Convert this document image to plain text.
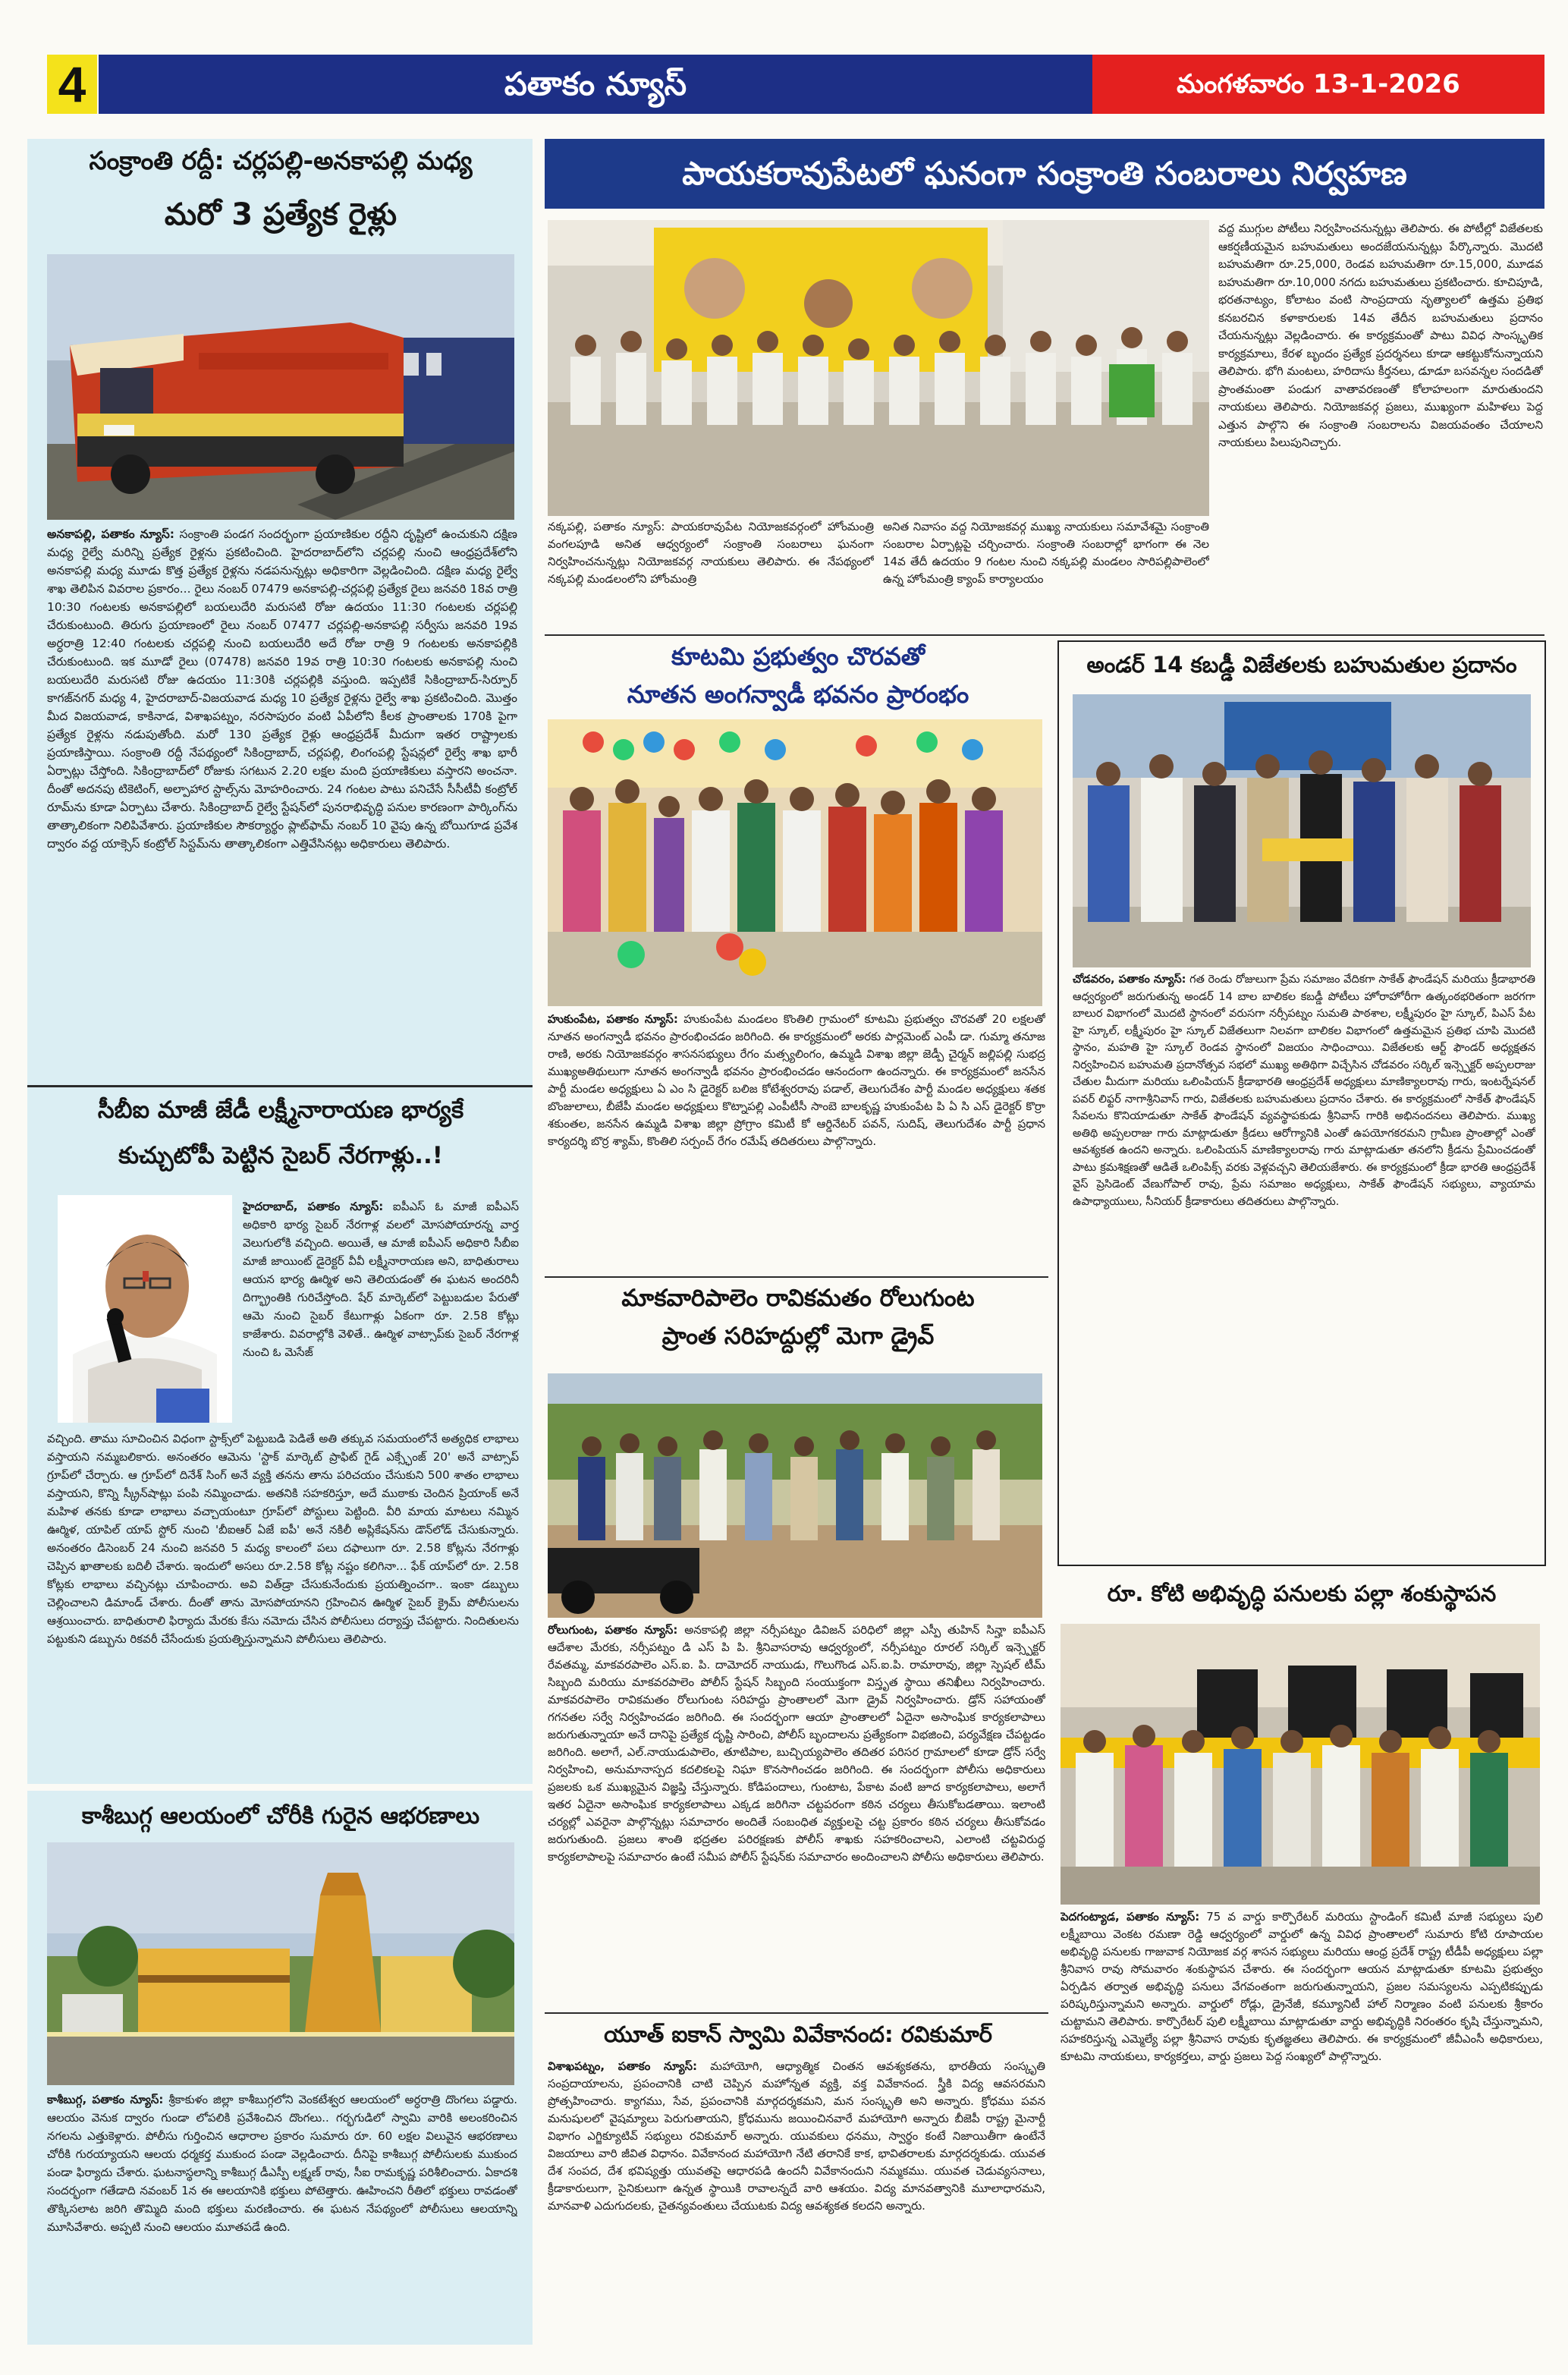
4	పతాకం న్యూస్	మంగళవారం 13-1-2026
సంక్రాంతి రద్దీ: చర్లపల్లి-అనకాపల్లి మధ్య
మరో 3 ప్రత్యేక రైళ్లు

అనకాపల్లి, పతాకం న్యూస్: సంక్రాంతి పండగ సందర్భంగా ప్రయాణికుల రద్దీని దృష్టిలో ఉంచుకుని దక్షిణ మధ్య రైల్వే మరిన్ని ప్రత్యేక రైళ్లను ప్రకటించింది. హైదరాబాద్‌లోని చర్లపల్లి నుంచి ఆంధ్రప్రదేశ్‌లోని అనకాపల్లి మధ్య మూడు కొత్త ప్రత్యేక రైళ్లను నడపనున్నట్లు అధికారిగా వెల్లడించింది. దక్షిణ మధ్య రైల్వే శాఖ తెలిపిన వివరాల ప్రకారం... రైలు నంబర్ 07479 అనకాపల్లి-చర్లపల్లి ప్రత్యేక రైలు జనవరి 18వ రాత్రి 10:30 గంటలకు అనకాపల్లిలో బయలుదేరి మరుసటి రోజు ఉదయం 11:30 గంటలకు చర్లపల్లి చేరుకుంటుంది. తిరుగు ప్రయాణంలో రైలు నంబర్ 07477 చర్లపల్లి-అనకాపల్లి సర్వీసు జనవరి 19వ అర్ధరాత్రి 12:40 గంటలకు చర్లపల్లి నుంచి బయలుదేరి అదే రోజు రాత్రి 9 గంటలకు అనకాపల్లికి చేరుకుంటుంది. ఇక మూడో రైలు (07478) జనవరి 19వ రాత్రి 10:30 గంటలకు అనకాపల్లి నుంచి బయలుదేరి మరుసటి రోజు ఉదయం 11:30కి చర్లపల్లికి వస్తుంది. ఇప్పటికే సికింద్రాబాద్-సిర్పూర్ కాగజ్‌నగర్ మధ్య 4, హైదరాబాద్-విజయవాడ మధ్య 10 ప్రత్యేక రైళ్లను రైల్వే శాఖ ప్రకటించింది. మొత్తం మీద విజయవాడ, కాకినాడ, విశాఖపట్నం, నరసాపురం వంటి ఏపీలోని కీలక ప్రాంతాలకు 170కి పైగా ప్రత్యేక రైళ్లను నడుపుతోంది. మరో 130 ప్రత్యేక రైళ్లు ఆంధ్రప్రదేశ్ మీదుగా ఇతర రాష్ట్రాలకు ప్రయాణిస్తాయి. సంక్రాంతి రద్దీ నేపథ్యంలో సికింద్రాబాద్, చర్లపల్లి, లింగంపల్లి స్టేషన్లలో రైల్వే శాఖ భారీ ఏర్పాట్లు చేస్తోంది. సికింద్రాబాద్‌లో రోజుకు సగటున 2.20 లక్షల మంది ప్రయాణికులు వస్తారని అంచనా. దీంతో అదనపు టికెటింగ్, అల్పాహార స్టాల్స్‌ను మోహరించారు. 24 గంటల పాటు పనిచేసే సీసీటీవీ కంట్రోల్ రూమ్‌ను కూడా ఏర్పాటు చేశారు. సికింద్రాబాద్ రైల్వే స్టేషన్‌లో పునరాభివృద్ధి పనుల కారణంగా పార్కింగ్‌ను తాత్కాలికంగా నిలిపివేశారు. ప్రయాణికుల సౌకర్యార్థం ప్లాట్‌ఫామ్ నంబర్ 10 వైపు ఉన్న బోయిగూడ ప్రవేశ ద్వారం వద్ద యాక్సెస్ కంట్రోల్ సిస్టమ్‌ను తాత్కాలికంగా ఎత్తివేసినట్లు అధికారులు తెలిపారు.

సీబీఐ మాజీ జేడీ లక్ష్మీనారాయణ భార్యకే
కుచ్చుటోపీ పెట్టిన సైబర్ నేరగాళ్లు..!

హైదరాబాద్, పతాకం న్యూస్: ఐపీఎస్ ఓ మాజీ ఐపీఎస్ అధికారి భార్య సైబర్ నేరగాళ్ల వలలో మోసపోయారన్న వార్త వెలుగులోకి వచ్చింది. అయితే, ఆ మాజీ ఐపీఎస్ అధికారి సీబీఐ మాజీ జాయింట్ డైరెక్టర్ వీవీ లక్ష్మీనారాయణ అని, బాధితురాలు ఆయన భార్య ఊర్మిళ అని తెలియడంతో ఈ ఘటన అందరినీ దిగ్భ్రాంతికి గురిచేస్తోంది. షేర్ మార్కెట్‌లో పెట్టుబడుల పేరుతో ఆమె నుంచి సైబర్ కేటుగాళ్లు ఏకంగా రూ. 2.58 కోట్లు కాజేశారు. వివరాల్లోకి వెళితే.. ఊర్మిళ వాట్సాప్‌కు సైబర్ నేరగాళ్ల నుంచి ఓ మెసేజ్

వచ్చింది. తాము సూచించిన విధంగా స్టాక్స్‌లో పెట్టుబడి పెడితే అతి తక్కువ సమయంలోనే అత్యధిక లాభాలు వస్తాయని నమ్మబలికారు. అనంతరం ఆమెను 'స్టాక్ మార్కెట్ ప్రాఫిట్ గైడ్ ఎక్స్ఛేంజ్ 20' అనే వాట్సాప్ గ్రూప్‌లో చేర్చారు. ఆ గ్రూప్‌లో దినేశ్ సింగ్ అనే వ్యక్తి తనను తాను పరిచయం చేసుకుని 500 శాతం లాభాలు వస్తాయని, కొన్ని స్క్రీన్‌షాట్లు పంపి నమ్మించాడు. అతనికి సహకరిస్తూ, అదే ముఠాకు చెందిన ప్రియాంక్ అనే మహిళ తనకు కూడా లాభాలు వచ్చాయంటూ గ్రూప్‌లో పోస్టులు పెట్టింది. వీరి మాయ మాటలు నమ్మిన ఊర్మిళ, యాపిల్ యాప్ స్టోర్ నుంచి 'బీఐఆర్ ఏజే ఐపీ' అనే నకిలీ అప్లికేషన్‌ను డౌన్‌లోడ్ చేసుకున్నారు. అనంతరం డిసెంబర్ 24 నుంచి జనవరి 5 మధ్య కాలంలో పలు దఫాలుగా రూ. 2.58 కోట్లను నేరగాళ్లు చెప్పిన ఖాతాలకు బదిలీ చేశారు. ఇందులో అసలు రూ.2.58 కోట్ల నష్టం కలిగినా... ఫేక్ యాప్‌లో రూ. 2.58 కోట్లకు లాభాలు వచ్చినట్లు చూపించారు. అవి విత్‌డ్రా చేసుకునేందుకు ప్రయత్నించగా.. ఇంకా డబ్బులు చెల్లించాలని డిమాండ్ చేశారు. దీంతో తాను మోసపోయానని గ్రహించిన ఊర్మిళ సైబర్ క్రైమ్ పోలీసులను ఆశ్రయించారు. బాధితురాలి ఫిర్యాదు మేరకు కేసు నమోదు చేసిన పోలీసులు దర్యాప్తు చేపట్టారు. నిందితులను పట్టుకుని డబ్బును రికవరీ చేసేందుకు ప్రయత్నిస్తున్నామని పోలీసులు తెలిపారు.
కాశీబుగ్గ ఆలయంలో చోరీకి గురైన ఆభరణాలు

కాశీబుగ్గ, పతాకం న్యూస్: శ్రీకాకుళం జిల్లా కాశీబుగ్గలోని వెంకటేశ్వర ఆలయంలో అర్ధరాత్రి దొంగలు పడ్డారు. ఆలయం వెనుక ద్వారం గుండా లోపలికి ప్రవేశించిన దొంగలు.. గర్భగుడిలో స్వామి వారికి అలంకరించిన నగలను ఎత్తుకెళ్లారు. పోలీసు గుర్తించిన ఆధారాల ప్రకారం సుమారు రూ. 60 లక్షల విలువైన ఆభరణాలు చోరీకి గురయ్యాయని ఆలయ ధర్మకర్త ముకుంద పండా వెల్లడించారు. దీనిపై కాశీబుగ్గ పోలీసులకు ముకుంద పండా ఫిర్యాదు చేశారు. ఘటనాస్థలాన్ని కాశీబుగ్గ డీఎస్పీ లక్ష్మణ్ రావు, సీఐ రామకృష్ణ పరిశీలించారు. ఏకాదశి సందర్భంగా గతేడాది నవంబర్ 1న ఈ ఆలయానికి భక్తులు పోటెత్తారు. ఊహించని రీతిలో భక్తులు రావడంతో తొక్కిసలాట జరిగి తొమ్మిది మంది భక్తులు మరణించారు. ఈ ఘటన నేపథ్యంలో పోలీసులు ఆలయాన్ని మూసివేశారు. అప్పటి నుంచి ఆలయం మూతపడే ఉంది.

పాయకరావుపేటలో ఘనంగా సంక్రాంతి సంబరాలు నిర్వహణ
నక్కపల్లి, పతాకం న్యూస్: పాయకరావుపేట నియోజకవర్గంలో హోంమంత్రి వంగలపూడి అనిత ఆధ్వర్యంలో సంక్రాంతి సంబరాలు ఘనంగా నిర్వహించనున్నట్లు నియోజకవర్గ నాయకులు తెలిపారు. ఈ నేపథ్యంలో నక్కపల్లి మండలంలోని హోంమంత్రి
అనిత నివాసం వద్ద నియోజకవర్గ ముఖ్య నాయకులు సమావేశమై సంక్రాంతి సంబరాల ఏర్పాట్లపై చర్చించారు. సంక్రాంతి సంబరాల్లో భాగంగా ఈ నెల 14వ తేదీ ఉదయం 9 గంటల నుంచి నక్కపల్లి మండలం సారిపల్లిపాలెంలో ఉన్న హోంమంత్రి క్యాంప్ కార్యాలయం
వద్ద ముగ్గుల పోటీలు నిర్వహించనున్నట్లు తెలిపారు. ఈ పోటీల్లో విజేతలకు ఆకర్షణీయమైన బహుమతులు అందజేయనున్నట్లు పేర్కొన్నారు. మొదటి బహుమతిగా రూ.25,000, రెండవ బహుమతిగా రూ.15,000, మూడవ బహుమతిగా రూ.10,000 నగదు బహుమతులు ప్రకటించారు. కూచిపూడి, భరతనాట్యం, కోలాటం వంటి సాంప్రదాయ నృత్యాలలో ఉత్తమ ప్రతిభ కనబరచిన కళాకారులకు 14వ తేదీన బహుమతులు ప్రదానం చేయనున్నట్లు వెల్లడించారు. ఈ కార్యక్రమంతో పాటు వివిధ సాంస్కృతిక కార్యక్రమాలు, కేరళ బృందం ప్రత్యేక ప్రదర్శనలు కూడా ఆకట్టుకోనున్నాయని తెలిపారు. భోగి మంటలు, హరిదాసు కీర్తనలు, డూడూ బసవన్నల సందడితో ప్రాంతమంతా పండుగ వాతావరణంతో కోలాహలంగా మారుతుందని నాయకులు తెలిపారు. నియోజకవర్గ ప్రజలు, ముఖ్యంగా మహిళలు పెద్ద ఎత్తున పాల్గొని ఈ సంక్రాంతి సంబరాలను విజయవంతం చేయాలని నాయకులు పిలుపునిచ్చారు.
కూటమి ప్రభుత్వం చొరవతో
నూతన అంగన్వాడీ భవనం ప్రారంభం

హుకుంపేట, పతాకం న్యూస్: హుకుంపేట మండలం కొంతిలి గ్రామంలో కూటమి ప్రభుత్వం చొరవతో 20 లక్షలతో నూతన అంగన్వాడీ భవనం ప్రారంభించడం జరిగింది. ఈ కార్యక్రమంలో అరకు పార్లమెంట్ ఎంపీ డా. గుమ్మా తనూజ రాణి, అరకు నియోజకవర్గం శాసనసభ్యులు రేగం మత్స్యలింగం, ఉమ్మడి విశాఖ జిల్లా జెడ్పీ చైర్మన్ జల్లిపల్లి సుభద్ర ముఖ్యఅతిథులుగా నూతన అంగన్వాడీ భవనం ప్రారంభించడం ఆనందంగా ఉందన్నారు. ఈ కార్యక్రమంలో జనసేన పార్టీ మండల అధ్యక్షులు ఏ ఎం సి డైరెక్టర్ బలిజ కోటేశ్వరరావు పడాల్, తెలుగుదేశం పార్టీ మండల అధ్యక్షులు శతక బొంజులాలు, బీజేపీ మండల అధ్యక్షులు కొట్నాపల్లి ఎంపీటీసీ సాంబె బాలకృష్ణ హుకుంపేట పి ఏ సి ఎస్ డైరెక్టర్ కొర్రా శకుంతల, జనసేన ఉమ్మడి విశాఖ జిల్లా ప్రోగ్రాం కమిటీ కో ఆర్డినేటర్ పవన్, సుదిష్, తెలుగుదేశం పార్టీ ప్రధాన కార్యదర్శి బొర్ర శ్యామ్, కొంతిలి సర్పంచ్ రేగం రమేష్ తదితరులు పాల్గొన్నారు.

మాకవారిపాలెం రావికమతం రోలుగుంట
ప్రాంత సరిహద్దుల్లో మెగా డ్రైవ్

రోలుగుంట, పతాకం న్యూస్: అనకాపల్లి జిల్లా నర్సీపట్నం డివిజన్ పరిధిలో జిల్లా ఎస్పీ తుహిన్ సిన్హా ఐపీఎస్ ఆదేశాల మేరకు, నర్సీపట్నం డి ఎస్ పి పి. శ్రీనివాసరావు ఆధ్వర్యంలో, నర్సీపట్నం రూరల్ సర్కిల్ ఇన్స్పెక్టర్ రేవతమ్మ, మాకవరపాలెం ఎస్.ఐ. పి. దామోదర్ నాయుడు, గొలుగొండ ఎస్.ఐ.పి. రామారావు, జిల్లా స్పెషల్ టీమ్ సిబ్బంది మరియు మాకవరపాలెం పోలీస్ స్టేషన్ సిబ్బంది సంయుక్తంగా విస్తృత స్థాయి తనిఖీలు నిర్వహించారు. మాకవరపాలెం రావికమతం రోలుగుంట సరిహద్దు ప్రాంతాలలో మెగా డ్రైవ్ నిర్వహించారు. డ్రోన్ సహాయంతో గగనతల సర్వే నిర్వహించడం జరిగింది. ఈ సందర్భంగా ఆయా ప్రాంతాలలో ఏదైనా అసాంఘిక కార్యకలాపాలు జరుగుతున్నాయా అనే దానిపై ప్రత్యేక దృష్టి సారించి, పోలీస్ బృందాలను ప్రత్యేకంగా విభజించి, పర్యవేక్షణ చేపట్టడం జరిగింది. అలాగే, ఎల్.నాయుడుపాలెం, తూటిపాల, బుచ్చియ్యపాలెం తదితర పరిసర గ్రామాలలో కూడా డ్రోన్ సర్వే నిర్వహించి, అనుమానాస్పద కదలికలపై నిఘా కొనసాగించడం జరిగింది. ఈ సందర్భంగా పోలీసు అధికారులు ప్రజలకు ఒక ముఖ్యమైన విజ్ఞప్తి చేస్తున్నారు. కోడిపందాలు, గుంటాట, పేకాట వంటి జూద కార్యకలాపాలు, అలాగే ఇతర ఏదైనా అసాంఘిక కార్యకలాపాలు ఎక్కడ జరిగినా చట్టపరంగా కఠిన చర్యలు తీసుకోబడతాయి. ఇలాంటి చర్యల్లో ఎవరైనా పాల్గొన్నట్లు సమాచారం అందితే సంబంధిత వ్యక్తులపై చట్ట ప్రకారం కఠిన చర్యలు తీసుకోవడం జరుగుతుంది. ప్రజలు శాంతి భద్రతల పరిరక్షణకు పోలీస్ శాఖకు సహకరించాలని, ఎలాంటి చట్టవిరుద్ధ కార్యకలాపాలపై సమాచారం ఉంటే సమీప పోలీస్ స్టేషన్‌కు సమాచారం అందించాలని పోలీసు అధికారులు తెలిపారు.

యూత్ ఐకాన్ స్వామి వివేకానంద: రవికుమార్

విశాఖపట్నం, పతాకం న్యూస్: మహాయోగి, ఆధ్యాత్మిక చింతన ఆవశ్యకతను, భారతీయ సంస్కృతి సంప్రదాయాలను, ప్రపంచానికి చాటి చెప్పిన మహోన్నత వ్యక్తి, వక్త వివేకానంద. స్త్రీకి విద్య ఆవసరమని ప్రోత్సహించారు. క్యాగము, సేవ, ప్రపంచానికి మార్గదర్శకమని, మన సంస్కృతి అని అన్నారు. క్రోధము పవన మనుషులలో వైషమ్యాలు పెరుగుతాయని, క్రోధమును జయించినవారే మహాయోగి అన్నారు బీజెపీ రాష్ట్ర మైనార్టీ విభాగం ఎగ్జిక్యూటివ్ సభ్యులు రవికుమార్ అన్నారు. యువకులు ధనము, స్వార్థం కంటే నిజాయితీగా ఉంటేనే విజయాలు వారి జీవిత విధానం. వివేకానంద మహాయోగి నేటి తరానికే కాక, భావితరాలకు మార్గదర్శకుడు. యువత దేశ సంపద, దేశ భవిష్యత్తు యువతపై ఆధారపడి ఉందనీ వివేకానందుని నమ్మకము. యువత చెడువ్యసనాలు, క్రీడాకారులుగా, సైనికులుగా ఉన్నత స్థాయికి రావాలన్నదే వారి ఆశయం. విద్య మానవత్వానికి మూలాధారమని, మానవాళి ఎదుగుదలకు, చైతన్యవంతులు చేయుటకు విద్య ఆవశ్యకత కలదని అన్నారు.

అండర్ 14 కబడ్డీ విజేతలకు బహుమతుల ప్రదానం

చోడవరం, పతాకం న్యూస్: గత రెండు రోజులుగా ప్రేమ సమాజం వేదికగా సాకేత్ ఫౌండేషన్ మరియు క్రీడాభారతి ఆధ్వర్యంలో జరుగుతున్న అండర్ 14 బాల బాలికల కబడ్డీ పోటీలు హోరాహోరీగా ఉత్కంఠభరితంగా జరగగా బాలుర విభాగంలో మొదటి స్థానంలో వరుసగా నర్సీపట్నం సుమతి పాఠశాల, లక్ష్మీపురం హై స్కూల్, పిఎస్ పేట హై స్కూల్, లక్ష్మీపురం హై స్కూల్ విజేతలుగా నిలవగా బాలికల విభాగంలో ఉత్తమమైన ప్రతిభ చూపి మొదటి స్థానం, మహతి హై స్కూల్ రెండవ స్థానంలో విజయం సాధించాయి. విజేతలకు ఆర్ట్ ఫౌండర్ అధ్యక్షతన నిర్వహించిన బహుమతి ప్రదానోత్సవ సభలో ముఖ్య అతిథిగా విచ్చేసిన చోడవరం సర్కిల్ ఇన్స్పెక్టర్ అప్పలరాజు చేతుల మీదుగా మరియు ఒలింపియన్ క్రీడాభారతి ఆంధ్రప్రదేశ్ అధ్యక్షులు మాణిక్యాలరావు గారు, ఇంటర్నేషనల్ పవర్ లిఫ్టర్ నాగాశ్రీనివాస్ గారు, విజేతలకు బహుమతులు ప్రదానం చేశారు. ఈ కార్యక్రమంలో సాకేత్ ఫౌండేషన్ సేవలను కొనియాడుతూ సాకేత్ ఫౌండేషన్ వ్యవస్థాపకుడు శ్రీనివాస్ గారికి అభినందనలు తెలిపారు. ముఖ్య అతిథి అప్పలరాజు గారు మాట్లాడుతూ క్రీడలు ఆరోగ్యానికి ఎంతో ఉపయోగకరమని గ్రామీణ ప్రాంతాల్లో ఎంతో ఆవశ్యకత ఉందని అన్నారు. ఒలింపియన్ మాణిక్యాలరావు గారు మాట్లాడుతూ తనలోని క్రీడను ప్రేమించడంతో పాటు క్రమశిక్షణతో ఆడితే ఒలింపిక్స్ వరకు వెళ్లవచ్చని తెలియజేశారు. ఈ కార్యక్రమంలో క్రీడా భారతి ఆంధ్రప్రదేశ్ వైస్ ప్రెసిడెంట్ వేణుగోపాల్ రావు, ప్రేమ సమాజం అధ్యక్షులు, సాకేత్ ఫౌండేషన్ సభ్యులు, వ్యాయామ ఉపాధ్యాయులు, సీనియర్ క్రీడాకారులు తదితరులు పాల్గొన్నారు.

రూ. కోటి అభివృద్ధి పనులకు పల్లా శంకుస్థాపన

పెదగంట్యాడ, పతాకం న్యూస్: 75 వ వార్డు కార్పొరేటర్ మరియు స్టాండింగ్ కమిటీ మాజీ సభ్యులు పులి లక్ష్మీబాయి వెంకట రమణా రెడ్డి ఆధ్వర్యంలో వార్డులో ఉన్న వివిధ ప్రాంతాలలో సుమారు కోటి రూపాయల అభివృద్ధి పనులకు గాజువాక నియోజక వర్గ శాసన సభ్యులు మరియు ఆంధ్ర ప్రదేశ్ రాష్ట్ర టీడీపీ అధ్యక్షులు పల్లా శ్రీనివాస రావు సోమవారం శంకుస్థాపన చేశారు. ఈ సందర్భంగా ఆయన మాట్లాడుతూ కూటమి ప్రభుత్వం ఏర్పడిన తర్వాత అభివృద్ధి పనులు వేగవంతంగా జరుగుతున్నాయని, ప్రజల సమస్యలను ఎప్పటికప్పుడు పరిష్కరిస్తున్నామని అన్నారు. వార్డులో రోడ్లు, డ్రైనేజీ, కమ్యూనిటీ హాల్ నిర్మాణం వంటి పనులకు శ్రీకారం చుట్టామని తెలిపారు. కార్పొరేటర్ పులి లక్ష్మీబాయి మాట్లాడుతూ వార్డు అభివృద్ధికి నిరంతరం కృషి చేస్తున్నామని, సహకరిస్తున్న ఎమ్మెల్యే పల్లా శ్రీనివాస రావుకు కృతజ్ఞతలు తెలిపారు. ఈ కార్యక్రమంలో జీవీఎంసీ అధికారులు, కూటమి నాయకులు, కార్యకర్తలు, వార్డు ప్రజలు పెద్ద సంఖ్యలో పాల్గొన్నారు.
